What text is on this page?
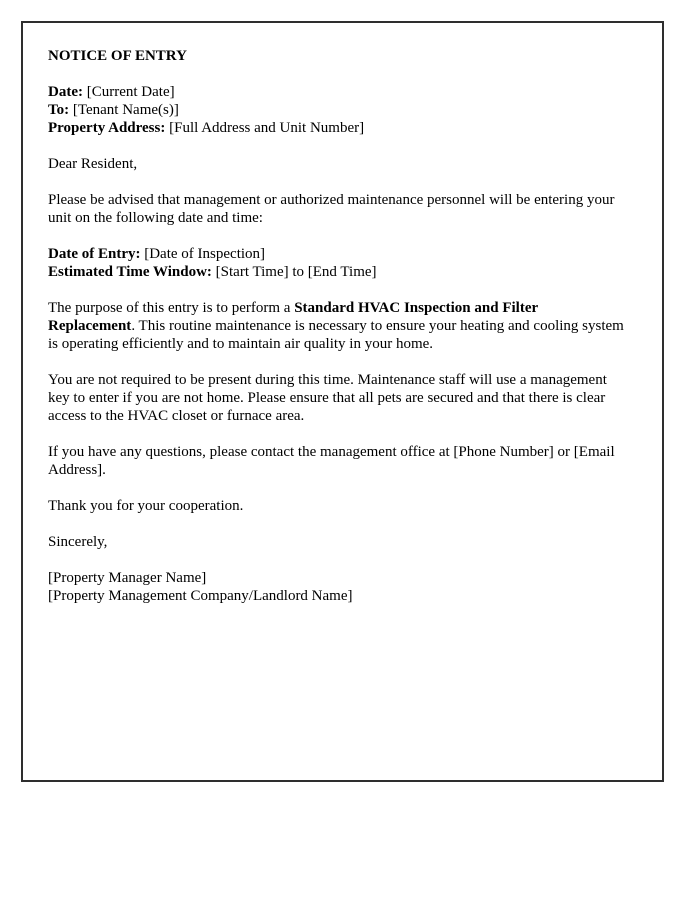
NOTICE OF ENTRY

Date: [Current Date]
To: [Tenant Name(s)]
Property Address: [Full Address and Unit Number]

Dear Resident,

Please be advised that management or authorized maintenance personnel will be entering your unit on the following date and time:

Date of Entry: [Date of Inspection]
Estimated Time Window: [Start Time] to [End Time]

The purpose of this entry is to perform a Standard HVAC Inspection and Filter Replacement. This routine maintenance is necessary to ensure your heating and cooling system is operating efficiently and to maintain air quality in your home.

You are not required to be present during this time. Maintenance staff will use a management key to enter if you are not home. Please ensure that all pets are secured and that there is clear access to the HVAC closet or furnace area.

If you have any questions, please contact the management office at [Phone Number] or [Email Address].

Thank you for your cooperation.

Sincerely,

[Property Manager Name]
[Property Management Company/Landlord Name]
